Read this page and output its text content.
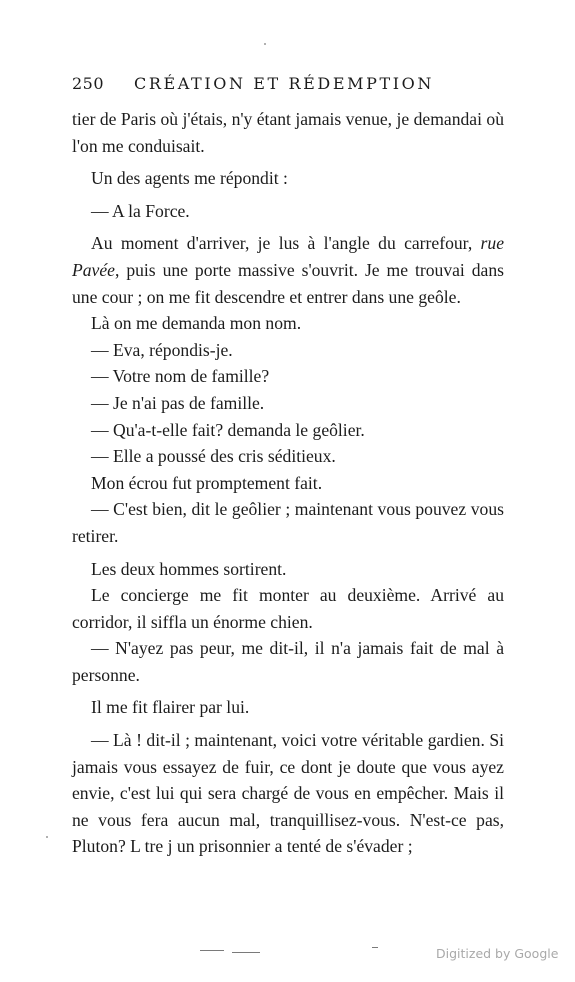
250 CRÉATION ET RÉDEMPTION

tier de Paris où j'étais, n'y étant jamais venue, je demandai où l'on me conduisait.

Un des agents me répondit :

— A la Force.

Au moment d'arriver, je lus à l'angle du carrefour, rue Pavée, puis une porte massive s'ouvrit. Je me trouvai dans une cour ; on me fit descendre et entrer dans une geôle.

Là on me demanda mon nom.

— Eva, répondis-je.

— Votre nom de famille?

— Je n'ai pas de famille.

— Qu'a-t-elle fait? demanda le geôlier.

— Elle a poussé des cris séditieux.

Mon écrou fut promptement fait.

— C'est bien, dit le geôlier ; maintenant vous pouvez vous retirer.

Les deux hommes sortirent.

Le concierge me fit monter au deuxième. Arrivé au corridor, il siffla un énorme chien.

— N'ayez pas peur, me dit-il, il n'a jamais fait de mal à personne.

Il me fit flairer par lui.

— Là ! dit-il ; maintenant, voici votre véritable gardien. Si jamais vous essayez de fuir, ce dont je doute que vous ayez envie, c'est lui qui sera chargé de vous en empêcher. Mais il ne vous fera aucun mal, tranquillisez-vous. N'est-ce pas, Pluton? L tre j un prisonnier a tenté de s'évader ;

Digitized by Google
